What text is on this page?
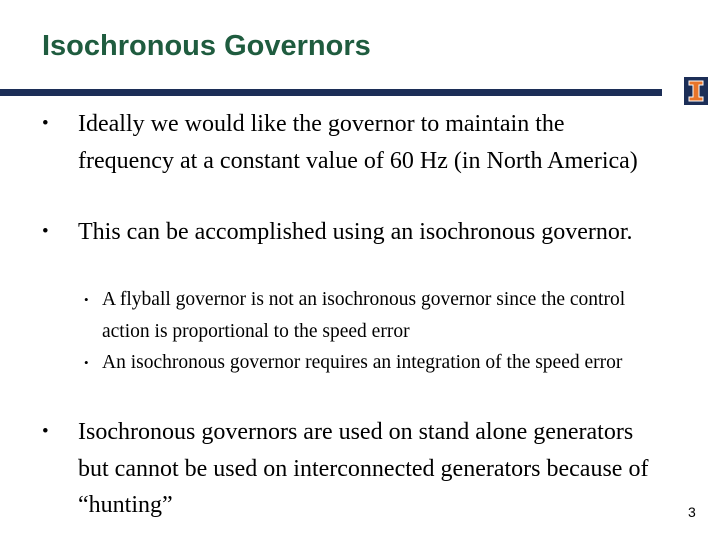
Isochronous Governors
• Ideally we would like the governor to maintain the frequency at a constant value of 60 Hz (in North America)
• This can be accomplished using an isochronous governor.
• A flyball governor is not an isochronous governor since the control action is proportional to the speed error
• An isochronous governor requires an integration of the speed error
• Isochronous governors are used on stand alone generators but cannot be used on interconnected generators because of “hunting”	3
